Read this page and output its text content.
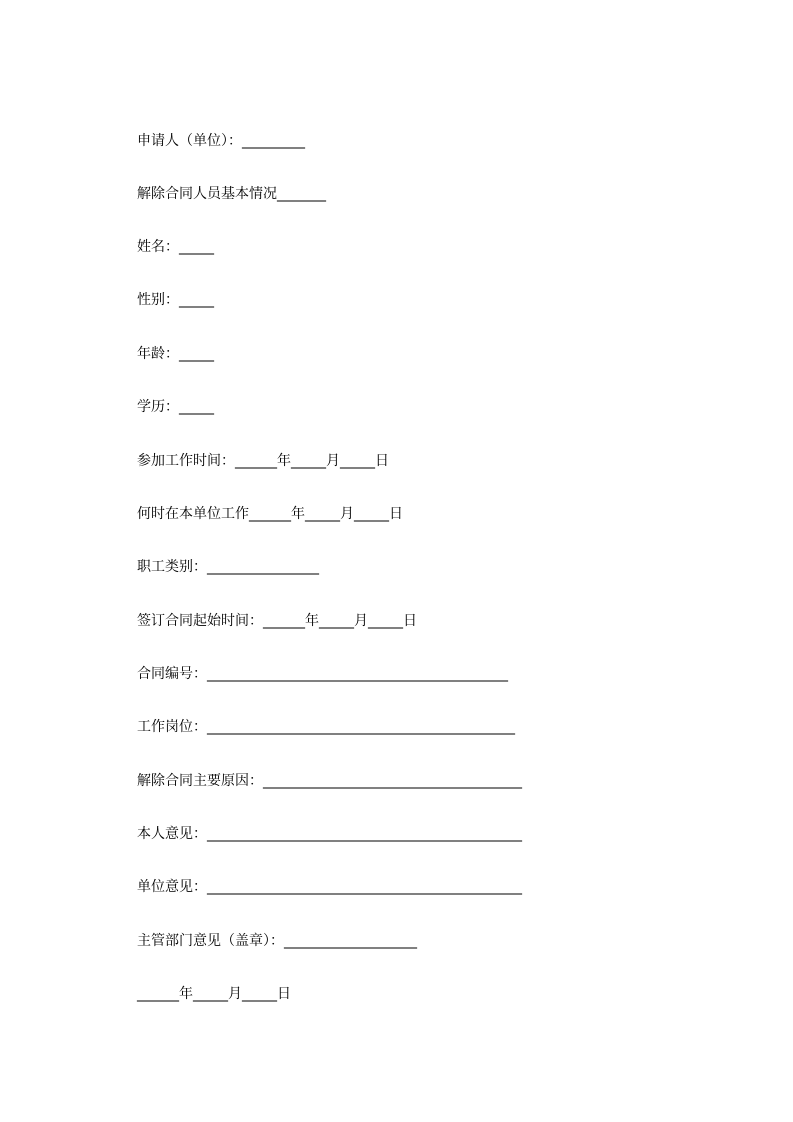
申请人（单位）：_________
解除合同人员基本情况_______
姓名：_____
性别：_____
年龄：_____
学历：_____
参加工作时间：______年_____月_____日
何时在本单位工作______年_____月_____日
职工类别：________________
签订合同起始时间：______年_____月_____日
合同编号：___________________________________________
工作岗位：____________________________________________
解除合同主要原因：_____________________________________
本人意见：_____________________________________________
单位意见：_____________________________________________
主管部门意见（盖章）：___________________
______年_____月_____日
